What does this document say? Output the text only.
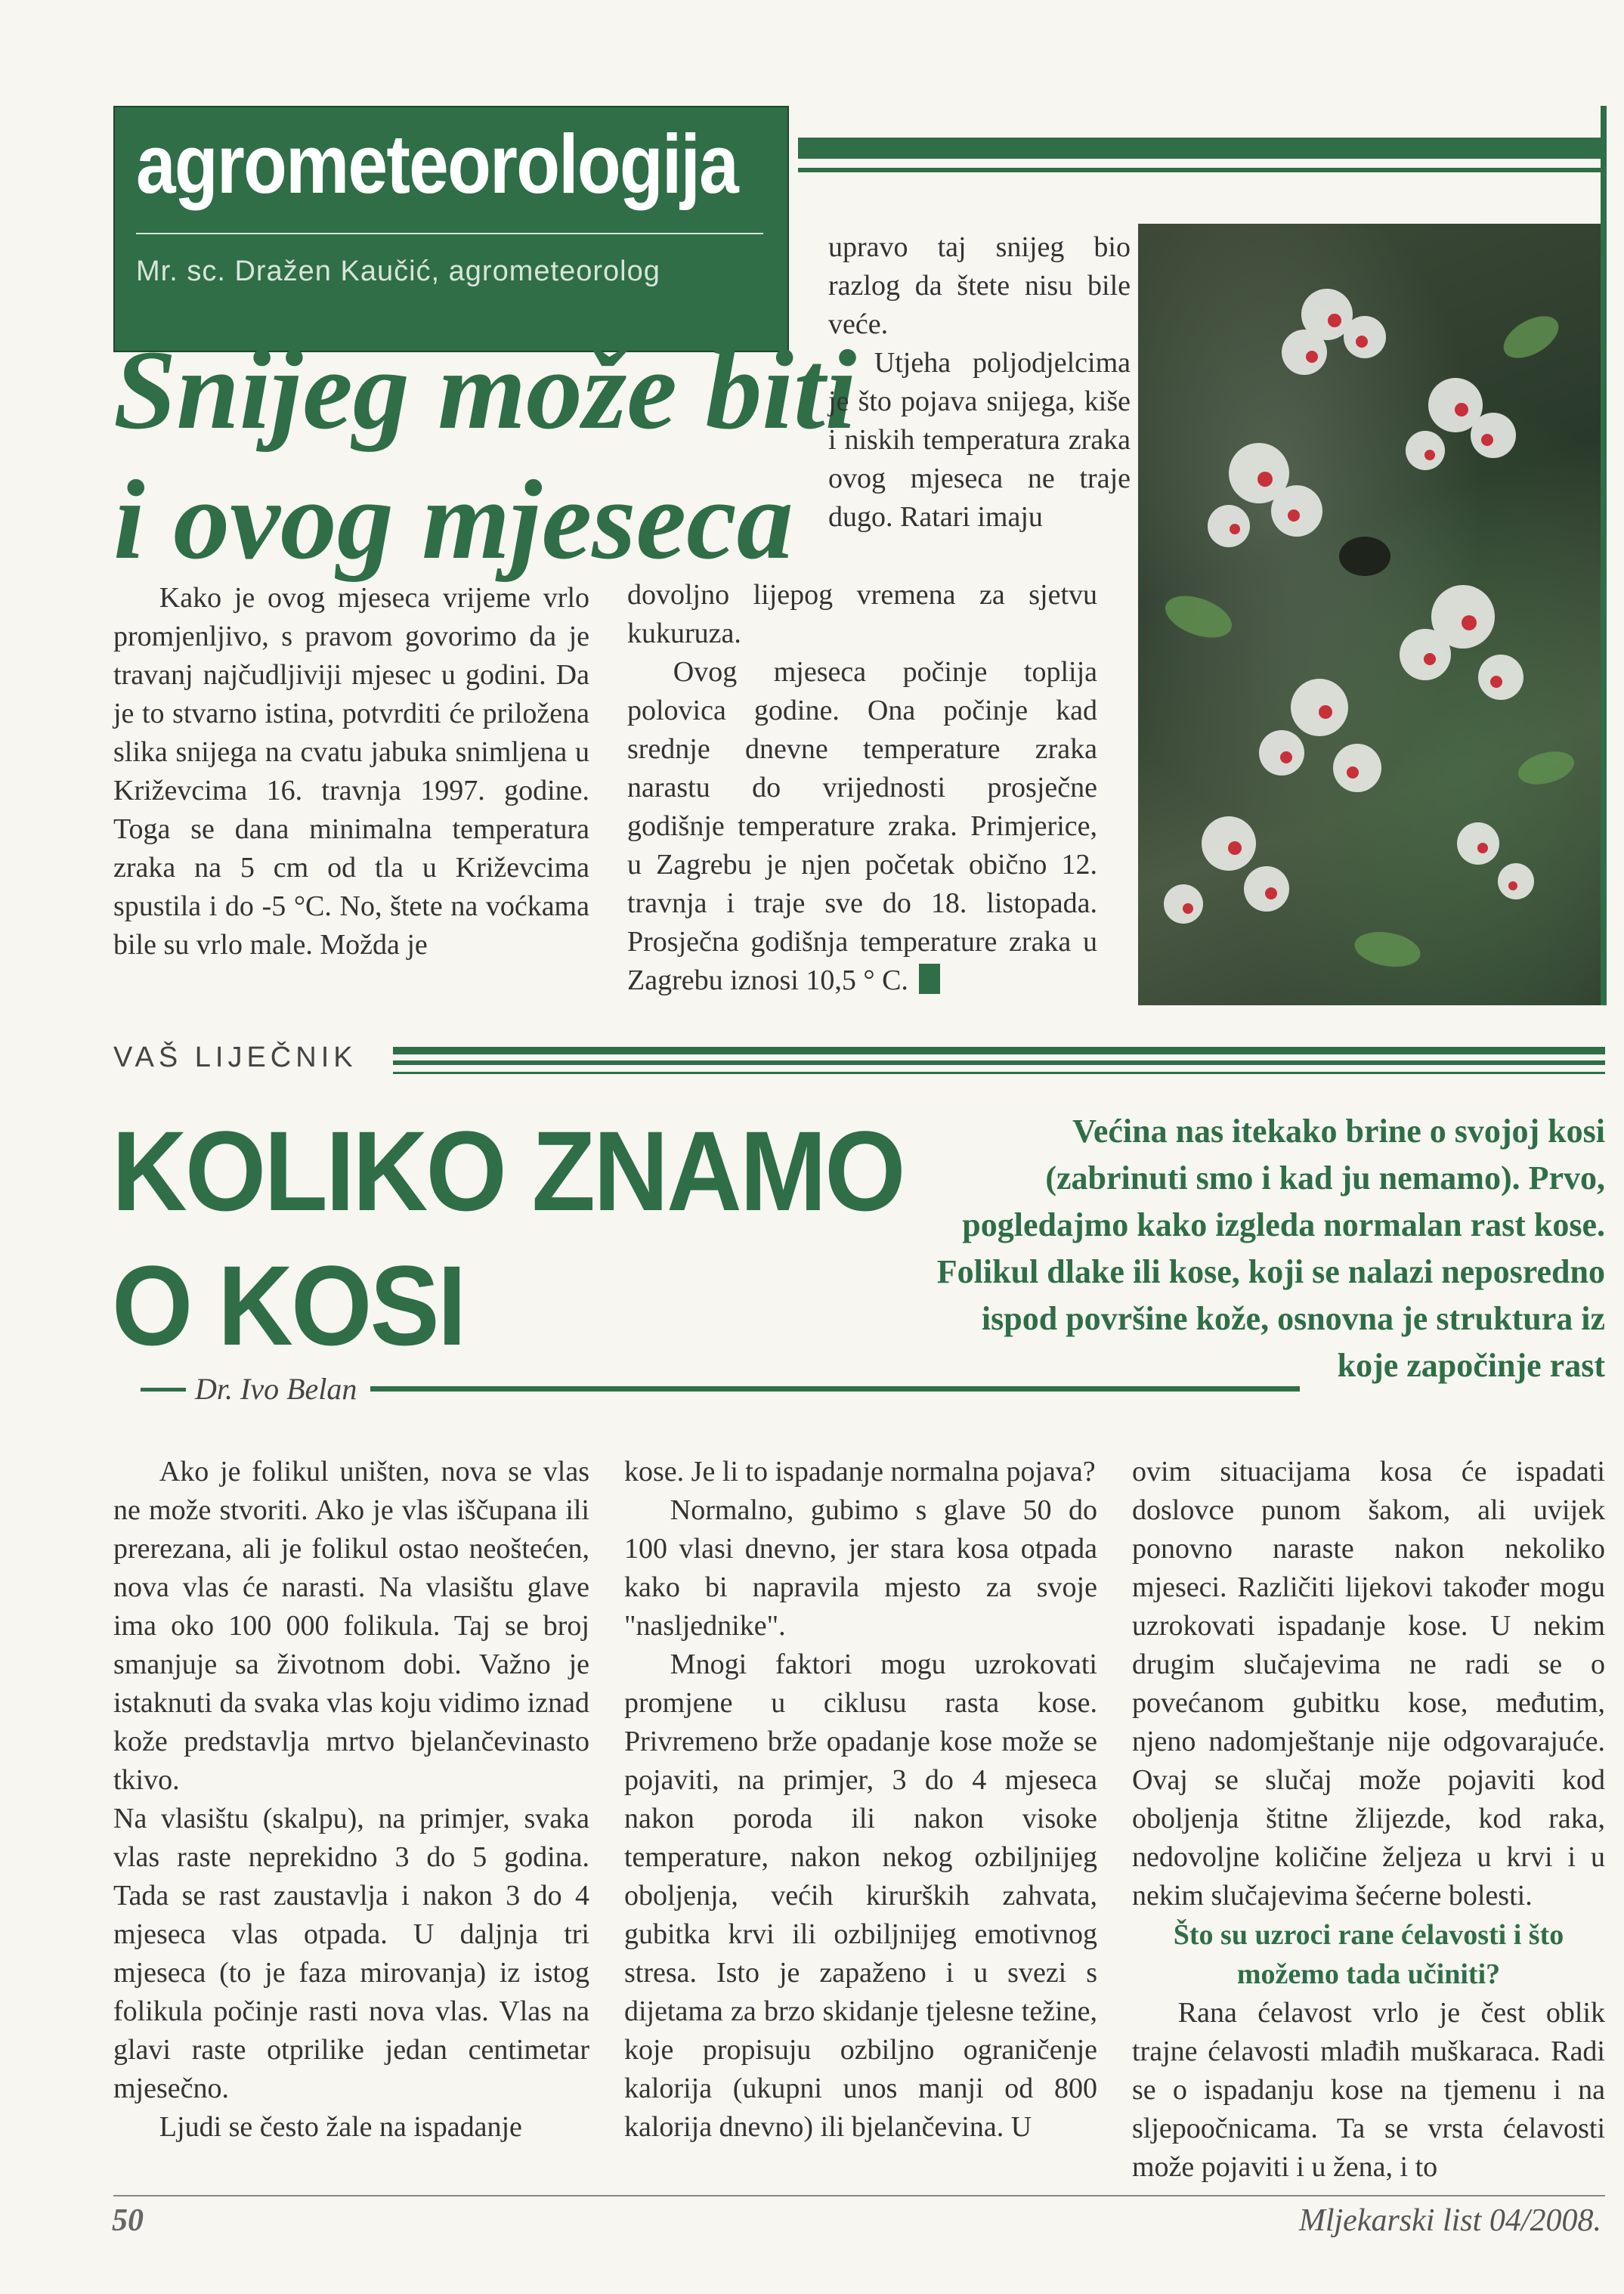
agrometeorologija
Mr. sc. Dražen Kaučić, agrometeorolog
Snijeg može biti
i ovog mjeseca

Kako je ovog mjeseca vrijeme vrlo promjenljivo, s pravom govorimo da je travanj najčudljiviji mjesec u godini. Da je to stvarno istina, potvrditi će priložena slika snijega na cvatu jabuka snimljena u Križevcima 16. travnja 1997. godine. Toga se dana minimalna temperatura zraka na 5 cm od tla u Križevcima spustila i do -5 °C. No, štete na voćkama bile su vrlo male. Možda je

upravo taj snijeg bio razlog da štete nisu bile veće.

Utjeha poljodjelcima je što pojava snijega, kiše i niskih temperatura zraka ovog mjeseca ne traje dugo. Ratari imaju

dovoljno lijepog vremena za sjetvu kukuruza.

Ovog mjeseca počinje toplija polovica godine. Ona počinje kad srednje dnevne temperature zraka narastu do vrijednosti prosječne godišnje temperature zraka. Primjerice, u Zagrebu je njen početak obično 12. travnja i traje sve do 18. listopada. Prosječna godišnja temperature zraka u Zagrebu iznosi 10,5 ° C.

VAŠ LIJEČNIK
KOLIKO ZNAMO
O KOSI
Većina nas itekako brine o svojoj kosi
(zabrinuti smo i kad ju nemamo). Prvo,
pogledajmo kako izgleda normalan rast kose.
Folikul dlake ili kose, koji se nalazi neposredno
ispod površine kože, osnovna je struktura iz
koje započinje rast
Dr. Ivo Belan

Ako je folikul uništen, nova se vlas ne može stvoriti. Ako je vlas iščupana ili prerezana, ali je folikul ostao neoštećen, nova vlas će narasti. Na vlasištu glave ima oko 100 000 folikula. Taj se broj smanjuje sa životnom dobi. Važno je istaknuti da svaka vlas koju vidimo iznad kože predstavlja mrtvo bjelančevinasto tkivo.

Na vlasištu (skalpu), na primjer, svaka vlas raste neprekidno 3 do 5 godina. Tada se rast zaustavlja i nakon 3 do 4 mjeseca vlas otpada. U daljnja tri mjeseca (to je faza mirovanja) iz istog folikula počinje rasti nova vlas. Vlas na glavi raste otprilike jedan centimetar mjesečno.

Ljudi se često žale na ispadanje

kose. Je li to ispadanje normalna pojava?

Normalno, gubimo s glave 50 do 100 vlasi dnevno, jer stara kosa otpada kako bi napravila mjesto za svoje "nasljednike".

Mnogi faktori mogu uzrokovati promjene u ciklusu rasta kose. Privremeno brže opadanje kose može se pojaviti, na primjer, 3 do 4 mjeseca nakon poroda ili nakon visoke temperature, nakon nekog ozbiljnijeg oboljenja, većih kirurških zahvata, gubitka krvi ili ozbiljnijeg emotivnog stresa. Isto je zapaženo i u svezi s dijetama za brzo skidanje tjelesne težine, koje propisuju ozbiljno ograničenje kalorija (ukupni unos manji od 800 kalorija dnevno) ili bjelančevina. U

ovim situacijama kosa će ispadati doslovce punom šakom, ali uvijek ponovno naraste nakon nekoliko mjeseci. Različiti lijekovi također mogu uzrokovati ispadanje kose. U nekim drugim slučajevima ne radi se o povećanom gubitku kose, međutim, njeno nadomještanje nije odgovarajuće. Ovaj se slučaj može pojaviti kod oboljenja štitne žlijezde, kod raka, nedovoljne količine željeza u krvi i u nekim slučajevima šećerne bolesti.

Što su uzroci rane ćelavosti i što možemo tada učiniti?

Rana ćelavost vrlo je čest oblik trajne ćelavosti mlađih muškaraca. Radi se o ispadanju kose na tjemenu i na sljepoočnicama. Ta se vrsta ćelavosti može pojaviti i u žena, i to

50	Mljekarski list 04/2008.
